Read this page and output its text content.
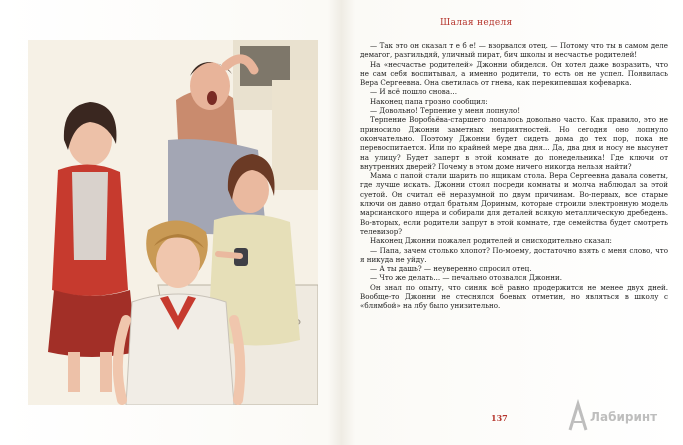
Шалая неделя

— Так это он сказал т е б е! — взорвался отец. — Потому что ты в самом деле демагог, разгильдяй, уличный пират, бич школы и несчастье родителей!

На «несчастье родителей» Джонни обиделся. Он хотел даже возразить, что не сам себя воспитывал, а именно родители, то есть он не успел. Появилась Вера Сергеевна. Она светилась от гнева, как перекипевшая кофеварка.

— И всё пошло снова…

Наконец папа грозно сообщил:

— Довольно! Терпение у меня лопнуло!

Терпение Воробьёва-старшего лопалось довольно часто. Как правило, это не приносило Джонни заметных неприятностей. Но сегодня оно лопнуло окончательно. Поэтому Джонни будет сидеть дома до тех пор, пока не перевоспитается. Или по крайней мере два дня... Да, два дня и носу не высунет на улицу? Будет заперт в этой комнате до понедельника! Где ключи от внутренних дверей? Почему в этом доме ничего никогда нельзя найти?

Мама с папой стали шарить по ящикам стола. Вера Сергеевна давала советы, где лучше искать. Джонни стоял посреди комнаты и молча наблюдал за этой суетой. Он считал её неразумной по двум причинам. Во-первых, все старые ключи он давно отдал братьям Дориным, которые строили электронную модель марсианского ящера и собирали для деталей всякую металлическую дребедень. Во-вторых, если родители запрут в этой комнате, где семейства будет смотреть телевизор?

Наконец Джонни пожалел родителей и снисходительно сказал:

— Папа, зачем столько хлопот? По-моему, достаточно взять с меня слово, что я никуда не уйду.

— А ты дашь? — неуверенно спросил отец.

— Что же делать... — печально отозвался Джонни.

Он знал по опыту, что синяк всё равно продержится не менее двух дней. Вообще-то Джонни не стеснялся боевых отметин, но являться в школу с «блямбой» на лбу было унизительно.

137	Лабиринт
